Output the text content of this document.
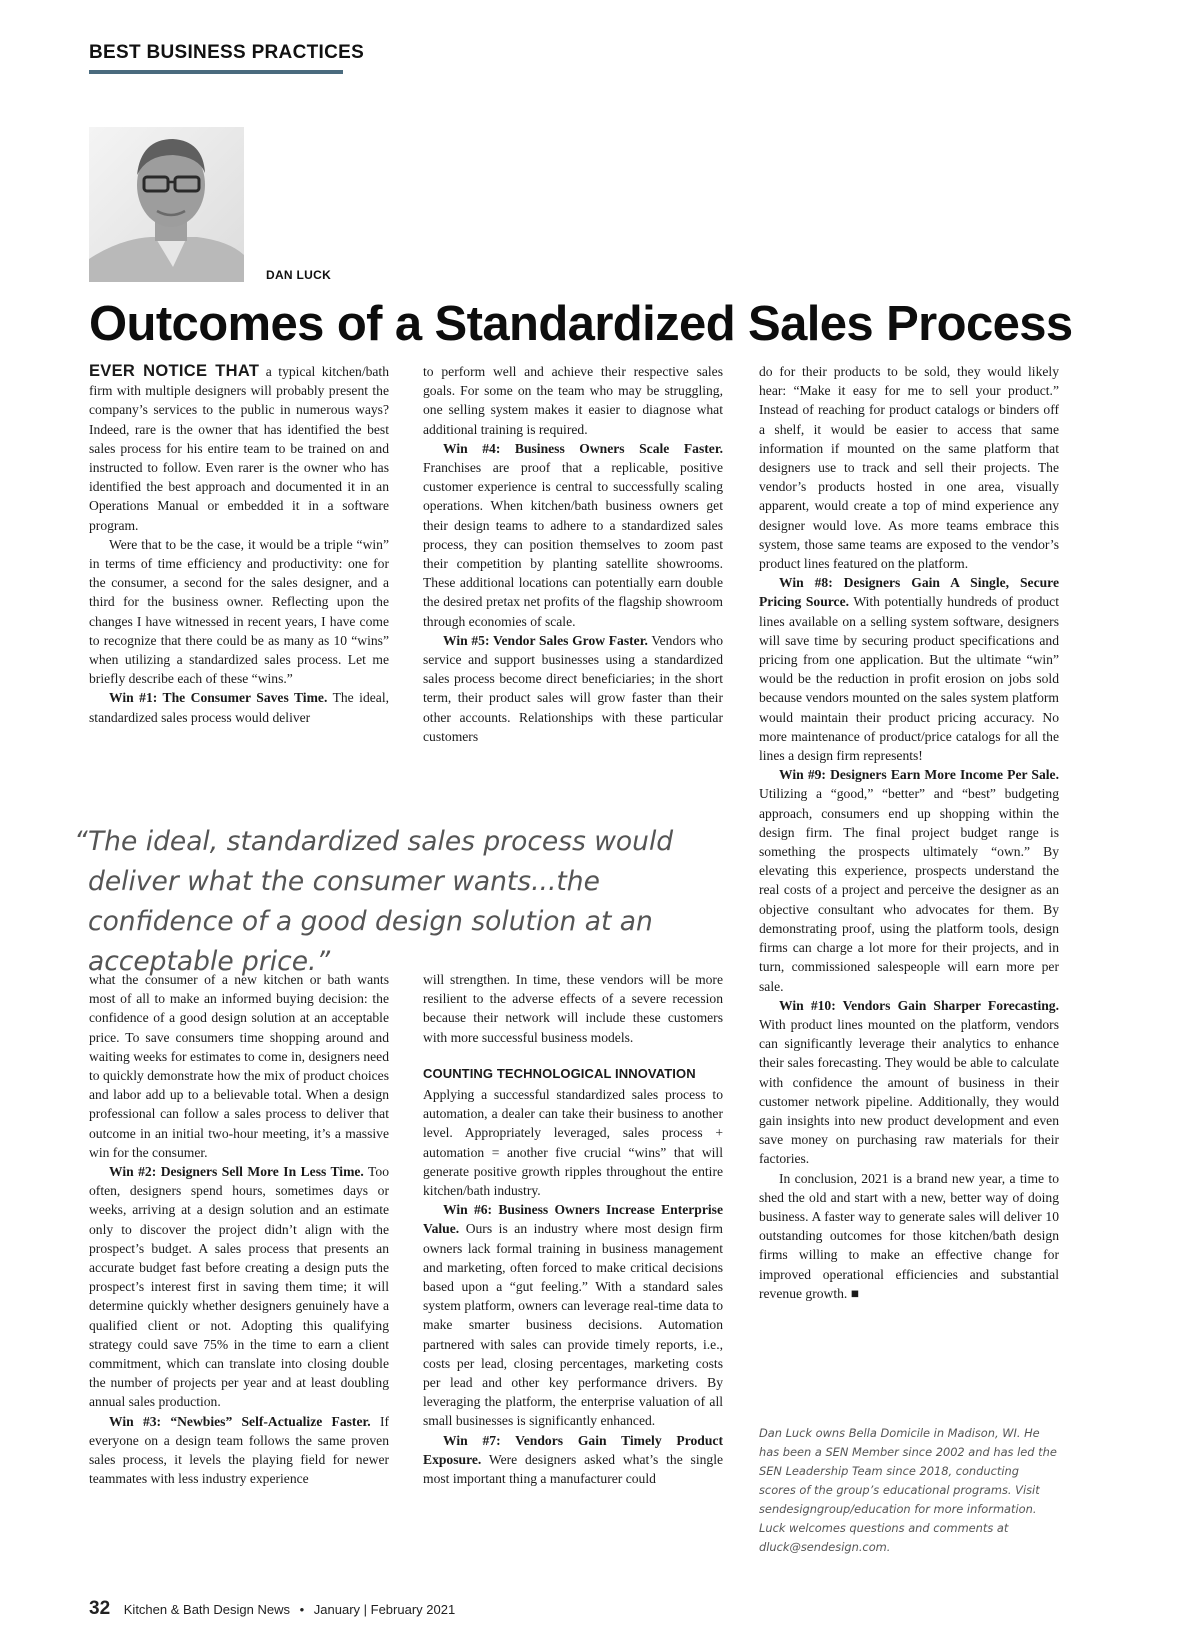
BEST BUSINESS PRACTICES
DAN LUCK
Outcomes of a Standardized Sales Process

EVER NOTICE THAT a typical kitchen/bath firm with multiple designers will probably present the company’s services to the public in numerous ways? Indeed, rare is the owner that has identified the best sales process for his entire team to be trained on and instructed to follow. Even rarer is the owner who has identified the best approach and documented it in an Operations Manual or embedded it in a software program.

Were that to be the case, it would be a triple “win” in terms of time efficiency and productivity: one for the consumer, a second for the sales designer, and a third for the business owner. Reflecting upon the changes I have witnessed in recent years, I have come to recognize that there could be as many as 10 “wins” when utilizing a standardized sales process. Let me briefly describe each of these “wins.”

Win #1: The Consumer Saves Time. The ideal, standardized sales process would deliver

to perform well and achieve their respective sales goals. For some on the team who may be struggling, one selling system makes it easier to diagnose what additional training is required.

Win #4: Business Owners Scale Faster. Franchises are proof that a replicable, positive customer experience is central to successfully scaling operations. When kitchen/bath business owners get their design teams to adhere to a standardized sales process, they can position themselves to zoom past their competition by planting satellite showrooms. These additional locations can potentially earn double the desired pretax net profits of the flagship showroom through economies of scale.

Win #5: Vendor Sales Grow Faster. Vendors who service and support businesses using a standardized sales process become direct beneficiaries; in the short term, their product sales will grow faster than their other accounts. Relationships with these particular customers

do for their products to be sold, they would likely hear: “Make it easy for me to sell your product.” Instead of reaching for product catalogs or binders off a shelf, it would be easier to access that same information if mounted on the same platform that designers use to track and sell their projects. The vendor’s products hosted in one area, visually apparent, would create a top of mind experience any designer would love. As more teams embrace this system, those same teams are exposed to the vendor’s product lines featured on the platform.

Win #8: Designers Gain A Single, Secure Pricing Source. With potentially hundreds of product lines available on a selling system software, designers will save time by securing product specifications and pricing from one application. But the ultimate “win” would be the reduction in profit erosion on jobs sold because vendors mounted on the sales system platform would maintain their product pricing accuracy. No more maintenance of product/price catalogs for all the lines a design firm represents!

Win #9: Designers Earn More Income Per Sale. Utilizing a “good,” “better” and “best” budgeting approach, consumers end up shopping within the design firm. The final project budget range is something the prospects ultimately “own.” By elevating this experience, prospects understand the real costs of a project and perceive the designer as an objective consultant who advocates for them. By demonstrating proof, using the platform tools, design firms can charge a lot more for their projects, and in turn, commissioned salespeople will earn more per sale.

Win #10: Vendors Gain Sharper Forecasting. With product lines mounted on the platform, vendors can significantly leverage their analytics to enhance their sales forecasting. They would be able to calculate with confidence the amount of business in their customer network pipeline. Additionally, they would gain insights into new product development and even save money on purchasing raw materials for their factories.

In conclusion, 2021 is a brand new year, a time to shed the old and start with a new, better way of doing business. A faster way to generate sales will deliver 10 outstanding outcomes for those kitchen/bath design firms willing to make an effective change for improved operational efficiencies and substantial revenue growth. ■

“ The ideal, standardized sales process would deliver what the consumer wants...the confidence of a good design solution at an acceptable price.”

what the consumer of a new kitchen or bath wants most of all to make an informed buying decision: the confidence of a good design solution at an acceptable price. To save consumers time shopping around and waiting weeks for estimates to come in, designers need to quickly demonstrate how the mix of product choices and labor add up to a believable total. When a design professional can follow a sales process to deliver that outcome in an initial two-hour meeting, it’s a massive win for the consumer.

Win #2: Designers Sell More In Less Time. Too often, designers spend hours, sometimes days or weeks, arriving at a design solution and an estimate only to discover the project didn’t align with the prospect’s budget. A sales process that presents an accurate budget fast before creating a design puts the prospect’s interest first in saving them time; it will determine quickly whether designers genuinely have a qualified client or not. Adopting this qualifying strategy could save 75% in the time to earn a client commitment, which can translate into closing double the number of projects per year and at least doubling annual sales production.

Win #3: “Newbies” Self-Actualize Faster. If everyone on a design team follows the same proven sales process, it levels the playing field for newer teammates with less industry experience

will strengthen. In time, these vendors will be more resilient to the adverse effects of a severe recession because their network will include these customers with more successful business models.

COUNTING TECHNOLOGICAL INNOVATION

Applying a successful standardized sales process to automation, a dealer can take their business to another level. Appropriately leveraged, sales process + automation = another five crucial “wins” that will generate positive growth ripples throughout the entire kitchen/bath industry.

Win #6: Business Owners Increase Enterprise Value. Ours is an industry where most design firm owners lack formal training in business management and marketing, often forced to make critical decisions based upon a “gut feeling.” With a standard sales system platform, owners can leverage real-time data to make smarter business decisions. Automation partnered with sales can provide timely reports, i.e., costs per lead, closing percentages, marketing costs per lead and other key performance drivers. By leveraging the platform, the enterprise valuation of all small businesses is significantly enhanced.

Win #7: Vendors Gain Timely Product Exposure. Were designers asked what’s the single most important thing a manufacturer could

Dan Luck owns Bella Domicile in Madison, WI. He has been a SEN Member since 2002 and has led the SEN Leadership Team since 2018, conducting scores of the group’s educational programs. Visit sendesigngroup/education for more information. Luck welcomes questions and comments at dluck@sendesign.com.
32 Kitchen & Bath Design News • January | February 2021
